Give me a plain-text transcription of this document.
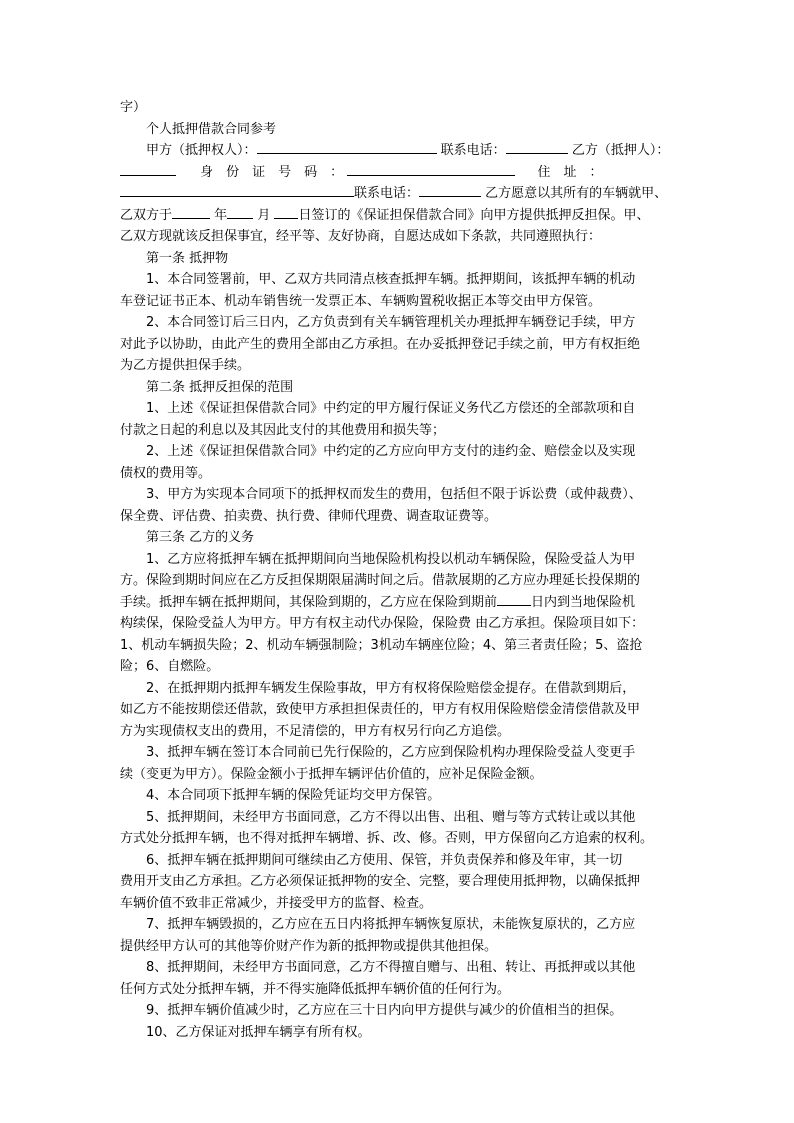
字）
个人抵押借款合同参考
甲方（抵押权人）：	联系电话：	乙方（抵押人）：
身　份　证　号　码　：	住　址　：
联系电话：	乙方愿意以其所有的车辆就甲、
乙双方于	年 月 日签订的《保证担保借款合同》向甲方提供抵押反担保。甲、
乙双方现就该反担保事宜，经平等、友好协商，自愿达成如下条款，共同遵照执行：
第一条 抵押物
1、本合同签署前，甲、乙双方共同清点核查抵押车辆。抵押期间，该抵押车辆的机动
车登记证书正本、机动车销售统一发票正本、车辆购置税收据正本等交由甲方保管。
2、本合同签订后三日内，乙方负责到有关车辆管理机关办理抵押车辆登记手续，甲方
对此予以协助，由此产生的费用全部由乙方承担。在办妥抵押登记手续之前，甲方有权拒绝
为乙方提供担保手续。
第二条 抵押反担保的范围
1、上述《保证担保借款合同》中约定的甲方履行保证义务代乙方偿还的全部款项和自
付款之日起的利息以及其因此支付的其他费用和损失等；
2、上述《保证担保借款合同》中约定的乙方应向甲方支付的违约金、赔偿金以及实现
债权的费用等。
3、甲方为实现本合同项下的抵押权而发生的费用，包括但不限于诉讼费（或仲裁费）、
保全费、评估费、拍卖费、执行费、律师代理费、调查取证费等。
第三条 乙方的义务
1、乙方应将抵押车辆在抵押期间向当地保险机构投以机动车辆保险，保险受益人为甲
方。保险到期时间应在乙方反担保期限届满时间之后。借款展期的乙方应办理延长投保期的
手续。抵押车辆在抵押期间，其保险到期的，乙方应在保险到期前	日内到当地保险机
构续保，保险受益人为甲方。甲方有权主动代办保险，保险费 由乙方承担。保险项目如下：
1、机动车辆损失险；2、机动车辆强制险；3机动车辆座位险；4、第三者责任险；5、盗抢
险；6、自燃险。
2、在抵押期内抵押车辆发生保险事故，甲方有权将保险赔偿金提存。在借款到期后，
如乙方不能按期偿还借款，致使甲方承担担保责任的，甲方有权用保险赔偿金清偿借款及甲
方为实现债权支出的费用，不足清偿的，甲方有权另行向乙方追偿。
3、抵押车辆在签订本合同前已先行保险的，乙方应到保险机构办理保险受益人变更手
续（变更为甲方）。保险金额小于抵押车辆评估价值的，应补足保险金额。
4、本合同项下抵押车辆的保险凭证均交甲方保管。
5、抵押期间，未经甲方书面同意，乙方不得以出售、出租、赠与等方式转让或以其他
方式处分抵押车辆，也不得对抵押车辆增、拆、改、修。否则，甲方保留向乙方追索的权利。
6、抵押车辆在抵押期间可继续由乙方使用、保管，并负责保养和修及年审，其一切
费用开支由乙方承担。乙方必须保证抵押物的安全、完整，要合理使用抵押物，以确保抵押
车辆价值不致非正常减少，并接受甲方的监督、检查。
7、抵押车辆毁损的，乙方应在五日内将抵押车辆恢复原状，未能恢复原状的，乙方应
提供经甲方认可的其他等价财产作为新的抵押物或提供其他担保。
8、抵押期间，未经甲方书面同意，乙方不得擅自赠与、出租、转让、再抵押或以其他
任何方式处分抵押车辆，并不得实施降低抵押车辆价值的任何行为。
9、抵押车辆价值减少时，乙方应在三十日内向甲方提供与减少的价值相当的担保。
10、乙方保证对抵押车辆享有所有权。
